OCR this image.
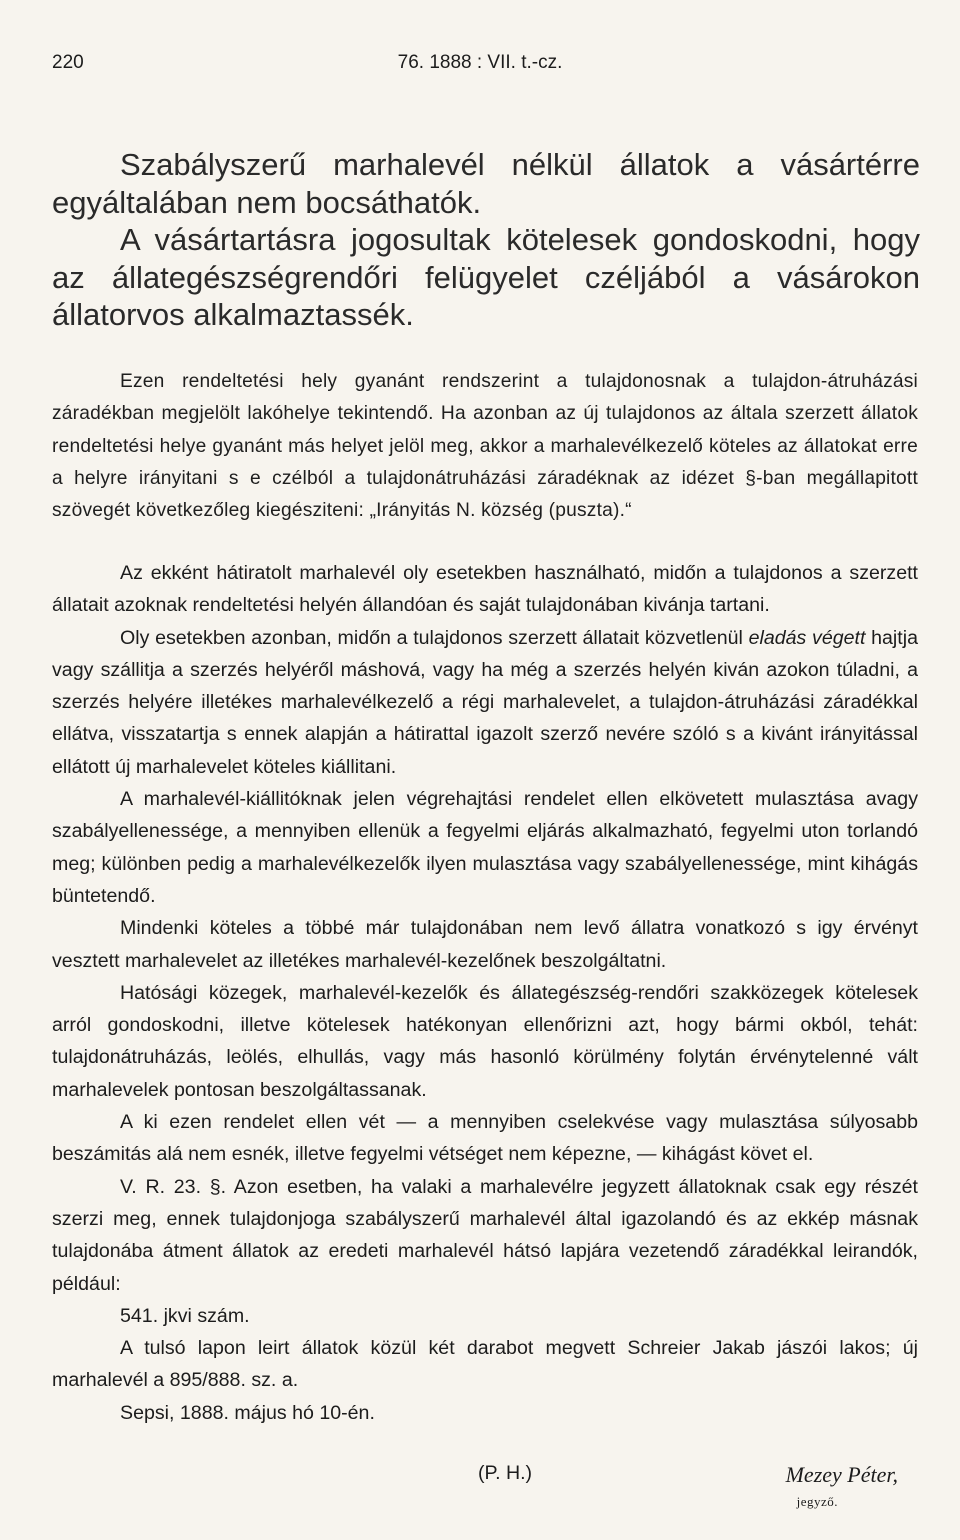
220	76. 1888 : VII. t.-cz.

Szabályszerű marhalevél nélkül állatok a vásártérre egyáltalában nem bocsáthatók.

A vásártartásra jogosultak kötelesek gondoskodni, hogy az állategészségrendőri felügyelet czéljából a vásárokon állatorvos alkalmaztassék.

Ezen rendeltetési hely gyanánt rendszerint a tulajdonosnak a tulajdon-átruházási záradékban megjelölt lakóhelye tekintendő. Ha azonban az új tulajdonos az általa szerzett állatok rendeltetési helye gyanánt más helyet jelöl meg, akkor a marhalevélkezelő köteles az állatokat erre a helyre irányitani s e czélból a tulajdonátruházási záradéknak az idézet §-ban megállapitott szövegét következőleg kiegésziteni: „Irányitás N. község (puszta).“

Az ekként hátiratolt marhalevél oly esetekben használható, midőn a tulajdonos a szerzett állatait azoknak rendeltetési helyén állandóan és saját tulajdonában kivánja tartani.

Oly esetekben azonban, midőn a tulajdonos szerzett állatait közvetlenül eladás végett hajtja vagy szállitja a szerzés helyéről máshová, vagy ha még a szerzés helyén kiván azokon túladni, a szerzés helyére illetékes marhalevélkezelő a régi marhalevelet, a tulajdon-átruházási záradékkal ellátva, visszatartja s ennek alapján a hátirattal igazolt szerző nevére szóló s a kivánt irányitással ellátott új marhalevelet köteles kiállitani.

A marhalevél-kiállitóknak jelen végrehajtási rendelet ellen elkövetett mulasztása avagy szabályellenessége, a mennyiben ellenük a fegyelmi eljárás alkalmazható, fegyelmi uton torlandó meg; különben pedig a marhalevélkezelők ilyen mulasztása vagy szabályellenessége, mint kihágás büntetendő.

Mindenki köteles a többé már tulajdonában nem levő állatra vonatkozó s igy érvényt vesztett marhalevelet az illetékes marhalevél-kezelőnek beszolgáltatni.

Hatósági közegek, marhalevél-kezelők és állategészség-rendőri szakközegek kötelesek arról gondoskodni, illetve kötelesek hatékonyan ellenőrizni azt, hogy bármi okból, tehát: tulajdonátruházás, leölés, elhullás, vagy más hasonló körülmény folytán érvénytelenné vált marhalevelek pontosan beszolgáltassanak.

A ki ezen rendelet ellen vét — a mennyiben cselekvése vagy mulasztása súlyosabb beszámitás alá nem esnék, illetve fegyelmi vétséget nem képezne, — kihágást követ el.

V. R. 23. §. Azon esetben, ha valaki a marhalevélre jegyzett állatoknak csak egy részét szerzi meg, ennek tulajdonjoga szabályszerű marhalevél által igazolandó és az ekkép másnak tulajdonába átment állatok az eredeti marhalevél hátsó lapjára vezetendő záradékkal leirandók, például:

541. jkvi szám.

A tulsó lapon leirt állatok közül két darabot megvett Schreier Jakab jászói lakos; új marhalevél a 895/888. sz. a.

Sepsi, 1888. május hó 10-én.

(P. H.)	Mezey Péter,
jegyző.
